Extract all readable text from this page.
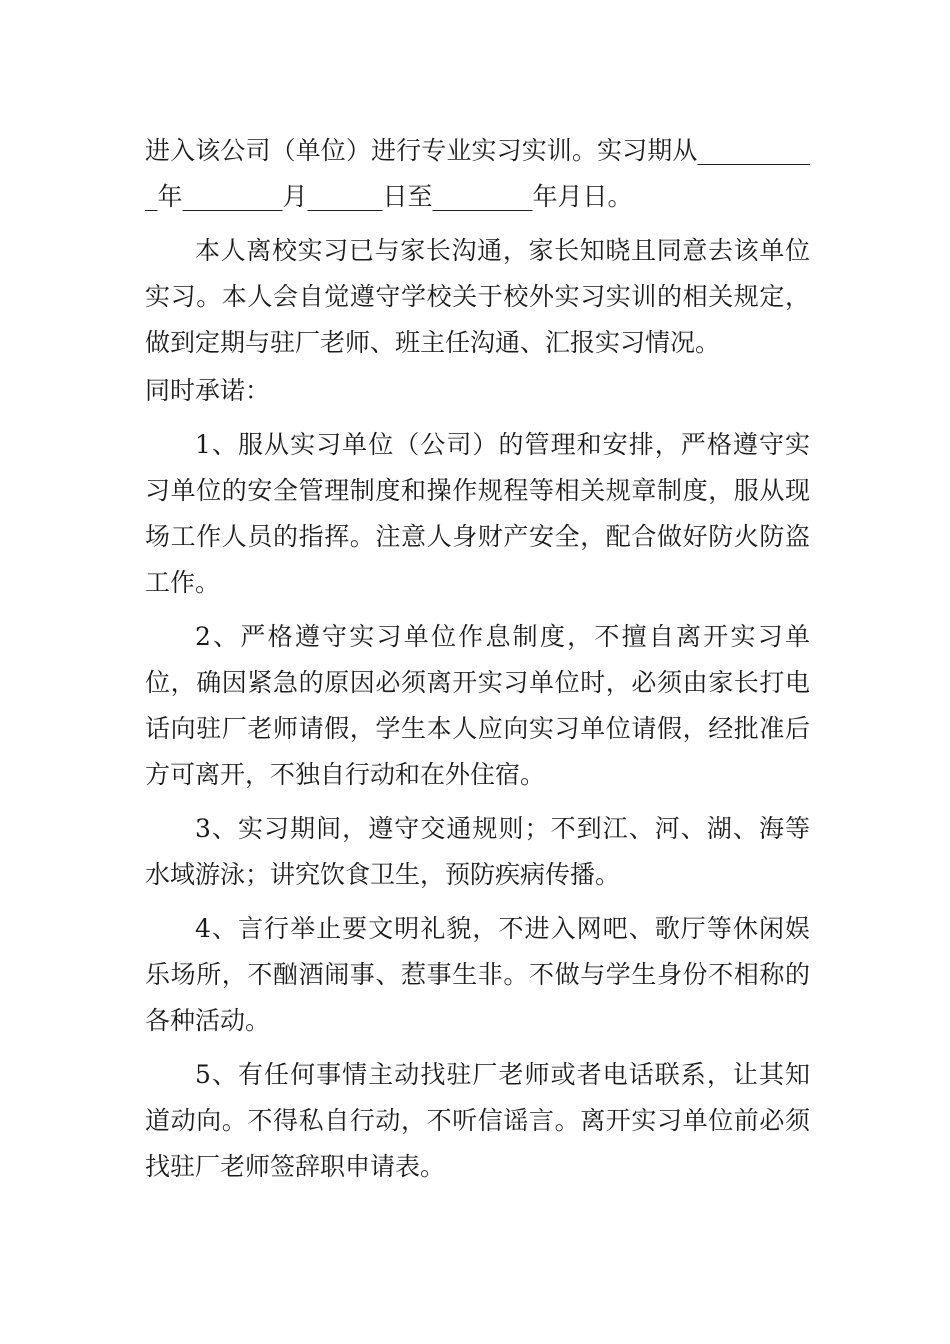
进入该公司（单位）进行专业实习实训。实习期从__________年________月______日至________年月日。

本人离校实习已与家长沟通，家长知晓且同意去该单位实习。本人会自觉遵守学校关于校外实习实训的相关规定，做到定期与驻厂老师、班主任沟通、汇报实习情况。

同时承诺：

1、服从实习单位（公司）的管理和安排，严格遵守实习单位的安全管理制度和操作规程等相关规章制度，服从现场工作人员的指挥。注意人身财产安全，配合做好防火防盗工作。

2、严格遵守实习单位作息制度，不擅自离开实习单位，确因紧急的原因必须离开实习单位时，必须由家长打电话向驻厂老师请假，学生本人应向实习单位请假，经批准后方可离开，不独自行动和在外住宿。

3、实习期间，遵守交通规则；不到江、河、湖、海等水域游泳；讲究饮食卫生，预防疾病传播。

4、言行举止要文明礼貌，不进入网吧、歌厅等休闲娱乐场所，不酗酒闹事、惹事生非。不做与学生身份不相称的各种活动。

5、有任何事情主动找驻厂老师或者电话联系，让其知道动向。不得私自行动，不听信谣言。离开实习单位前必须找驻厂老师签辞职申请表。
